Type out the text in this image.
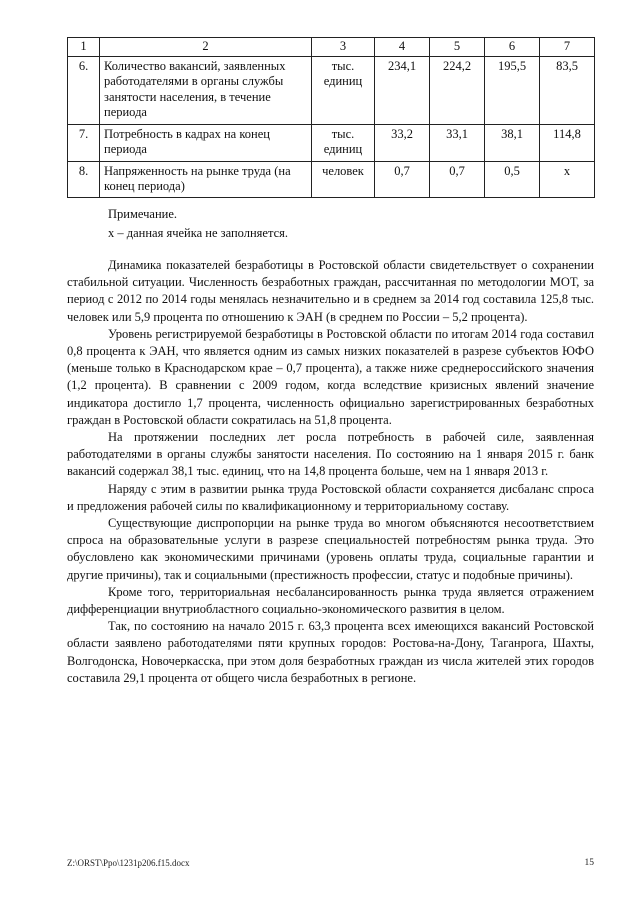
1	2	3	4	5	6	7
6.	Количество вакансий, заявленных работодателями в органы службы занятости населения, в течение периода	тыс. единиц	234,1	224,2	195,5	83,5
7.	Потребность в кадрах на конец периода	тыс. единиц	33,2	33,1	38,1	114,8
8.	Напряженность на рынке труда (на конец периода)	человек	0,7	0,7	0,5	х
Примечание.
х – данная ячейка не заполняется.

Динамика показателей безработицы в Ростовской области свидетельствует о сохранении стабильной ситуации. Численность безработных граждан, рассчитанная по методологии МОТ, за период с 2012 по 2014 годы менялась незначительно и в среднем за 2014 год составила 125,8 тыс. человек или 5,9 процента по отношению к ЭАН (в среднем по России – 5,2 процента).

Уровень регистрируемой безработицы в Ростовской области по итогам 2014 года составил 0,8 процента к ЭАН, что является одним из самых низких показателей в разрезе субъектов ЮФО (меньше только в Краснодарском крае – 0,7 процента), а также ниже среднероссийского значения (1,2 процента). В сравнении с 2009 годом, когда вследствие кризисных явлений значение индикатора достигло 1,7 процента, численность официально зарегистрированных безработных граждан в Ростовской области сократилась на 51,8 процента.

На протяжении последних лет росла потребность в рабочей силе, заявленная работодателями в органы службы занятости населения. По состоянию на 1 января 2015 г. банк вакансий содержал 38,1 тыс. единиц, что на 14,8 процента больше, чем на 1 января 2013 г.

Наряду с этим в развитии рынка труда Ростовской области сохраняется дисбаланс спроса и предложения рабочей силы по квалификационному и территориальному составу.

Существующие диспропорции на рынке труда во многом объясняются несоответствием спроса на образовательные услуги в разрезе специальностей потребностям рынка труда. Это обусловлено как экономическими причинами (уровень оплаты труда, социальные гарантии и другие причины), так и социальными (престижность профессии, статус и подобные причины).

Кроме того, территориальная несбалансированность рынка труда является отражением дифференциации внутриобластного социально-экономического развития в целом.

Так, по состоянию на начало 2015 г. 63,3 процента всех имеющихся вакансий Ростовской области заявлено работодателями пяти крупных городов: Ростова-на-Дону, Таганрога, Шахты, Волгодонска, Новочеркасска, при этом доля безработных граждан из числа жителей этих городов составила 29,1 процента от общего числа безработных в регионе.

Z:\ORST\Ppo\1231p206.f15.docx	15
